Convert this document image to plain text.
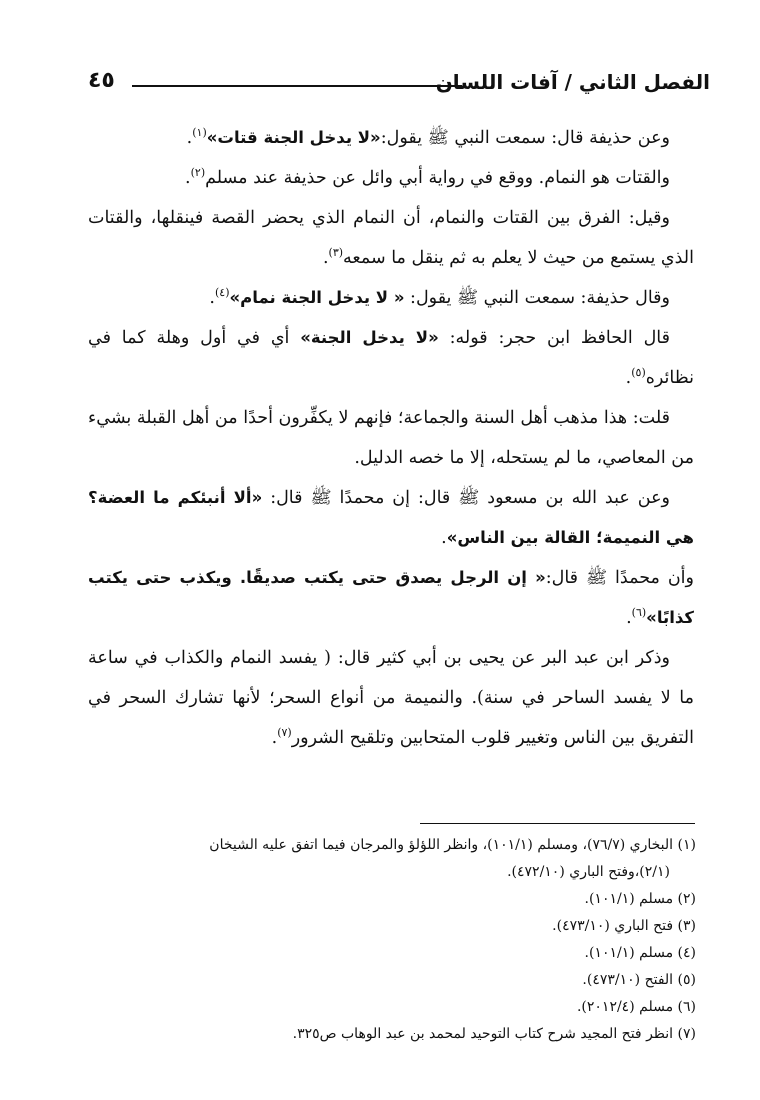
٤٥	الفصل الثاني / آفات اللسان

وعن حذيفة قال: سمعت النبي ﷺ يقول:«لا يدخل الجنة قتات»$^{(١)}$.

والقتات هو النمام. ووقع في رواية أبي وائل عن حذيفة عند مسلم$^{(٢)}$.

وقيل: الفرق بين القتات والنمام، أن النمام الذي يحضر القصة فينقلها، والقتات الذي يستمع من حيث لا يعلم به ثم ينقل ما سمعه$^{(٣)}$.

وقال حذيفة: سمعت النبي ﷺ يقول: « لا يدخل الجنة نمام»$^{(٤)}$.

قال الحافظ ابن حجر: قوله: «لا يدخل الجنة» أي في أول وهلة كما في نظائره$^{(٥)}$.

قلت: هذا مذهب أهل السنة والجماعة؛ فإنهم لا يكفِّرون أحدًا من أهل القبلة بشيء من المعاصي، ما لم يستحله، إلا ما خصه الدليل.

وعن عبد الله بن مسعود ﷺ قال: إن محمدًا ﷺ قال: «ألا أنبئكم ما العضة؟ هي النميمة؛ القالة بين الناس».

وأن محمدًا ﷺ قال:« إن الرجل يصدق حتى يكتب صديقًا. ويكذب حتى يكتب كذابًا»$^{(٦)}$.

وذكر ابن عبد البر عن يحيى بن أبي كثير قال: ( يفسد النمام والكذاب في ساعة ما لا يفسد الساحر في سنة). والنميمة من أنواع السحر؛ لأنها تشارك السحر في التفريق بين الناس وتغيير قلوب المتحابين وتلقيح الشرور$^{(٧)}$.

(١) البخاري (٧٦/٧)، ومسلم (١٠١/١)، وانظر اللؤلؤ والمرجان فيما اتفق عليه الشيخان
(٢/١)،وفتح الباري (٤٧٢/١٠).
(٢) مسلم (١٠١/١).
(٣) فتح الباري (٤٧٣/١٠).
(٤) مسلم (١٠١/١).
(٥) الفتح (٤٧٣/١٠).
(٦) مسلم (٢٠١٢/٤).
(٧) انظر فتح المجيد شرح كتاب التوحيد لمحمد بن عبد الوهاب ص٣٢٥.
